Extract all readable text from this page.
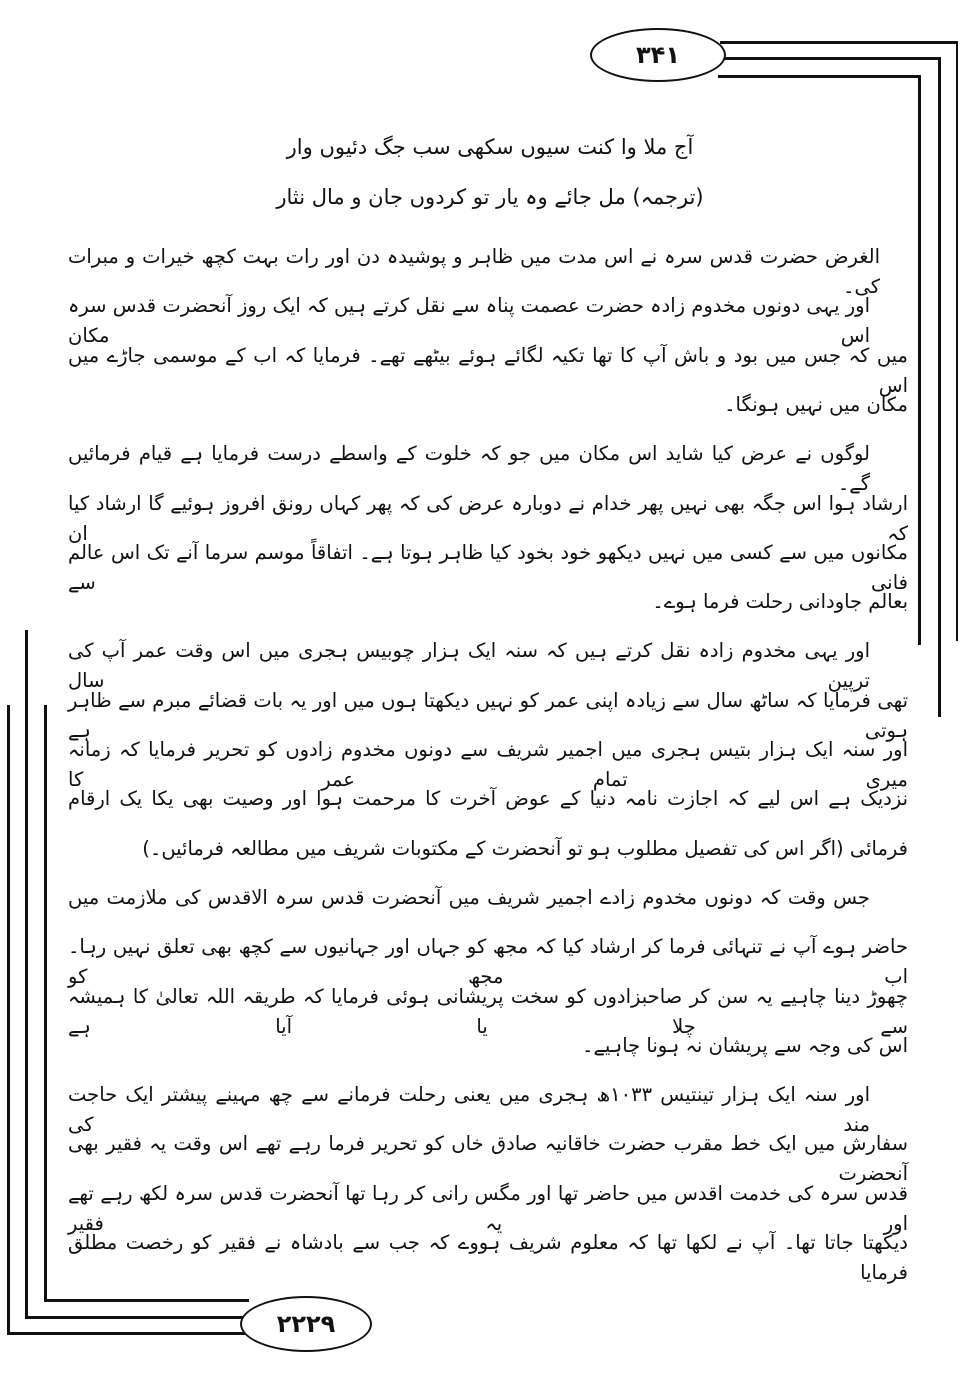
۳۴۱
۲۲۲۹
آج ملا وا کنت سیوں سکھی سب جگ دئیوں وار
(ترجمہ) مل جائے وہ یار تو کردوں جان و مال نثار
الغرض حضرت قدس سرہ نے اس مدت میں ظاہر و پوشیدہ دن اور رات بہت کچھ خیرات و مبرات کی۔
اور یہی دونوں مخدوم زادہ حضرت عصمت پناہ سے نقل کرتے ہیں کہ ایک روز آنحضرت قدس سرہ اس مکان
میں کہ جس میں بود و باش آپ کا تھا تکیہ لگائے ہوئے بیٹھے تھے۔ فرمایا کہ اب کے موسمی جاڑے میں اس
مکان میں نہیں ہونگا۔
لوگوں نے عرض کیا شاید اس مکان میں جو کہ خلوت کے واسطے درست فرمایا ہے قیام فرمائیں گے۔
ارشاد ہوا اس جگہ بھی نہیں پھر خدام نے دوبارہ عرض کی کہ پھر کہاں رونق افروز ہوئیے گا ارشاد کیا کہ ان
مکانوں میں سے کسی میں نہیں دیکھو خود بخود کیا ظاہر ہوتا ہے۔ اتفاقاً موسم سرما آنے تک اس عالم فانی سے
بعالم جاودانی رحلت فرما ہوے۔
اور یہی مخدوم زادہ نقل کرتے ہیں کہ سنہ ایک ہزار چوبیس ہجری میں اس وقت عمر آپ کی ترپین سال
تھی فرمایا کہ ساٹھ سال سے زیادہ اپنی عمر کو نہیں دیکھتا ہوں میں اور یہ بات قضائے مبرم سے ظاہر ہوتی ہے
اور سنہ ایک ہزار بتیس ہجری میں اجمیر شریف سے دونوں مخدوم زادوں کو تحریر فرمایا کہ زمانہ میری تمام عمر کا
نزدیک ہے اس لیے کہ اجازت نامہ دنیا کے عوض آخرت کا مرحمت ہوا اور وصیت بھی یکا یک ارقام
فرمائی (اگر اس کی تفصیل مطلوب ہو تو آنحضرت کے مکتوبات شریف میں مطالعہ فرمائیں۔)
جس وقت کہ دونوں مخدوم زادے اجمیر شریف میں آنحضرت قدس سرہ الاقدس کی ملازمت میں
حاضر ہوے آپ نے تنہائی فرما کر ارشاد کیا کہ مجھ کو جہاں اور جہانیوں سے کچھ بھی تعلق نہیں رہا۔ اب مجھ کو
چھوڑ دینا چاہیے یہ سن کر صاحبزادوں کو سخت پریشانی ہوئی فرمایا کہ طریقہ اللہ تعالیٰ کا ہمیشہ سے چلا یا آیا ہے
اس کی وجہ سے پریشان نہ ہونا چاہیے۔
اور سنہ ایک ہزار تینتیس ۱۰۳۳ھ ہجری میں یعنی رحلت فرمانے سے چھ مہینے پیشتر ایک حاجت مند کی
سفارش میں ایک خط مقرب حضرت خاقانیہ صادق خاں کو تحریر فرما رہے تھے اس وقت یہ فقیر بھی آنحضرت
قدس سرہ کی خدمت اقدس میں حاضر تھا اور مگس رانی کر رہا تھا آنحضرت قدس سرہ لکھ رہے تھے اور یہ فقیر
دیکھتا جاتا تھا۔ آپ نے لکھا تھا کہ معلوم شریف ہووے کہ جب سے بادشاہ نے فقیر کو رخصت مطلق فرمایا
